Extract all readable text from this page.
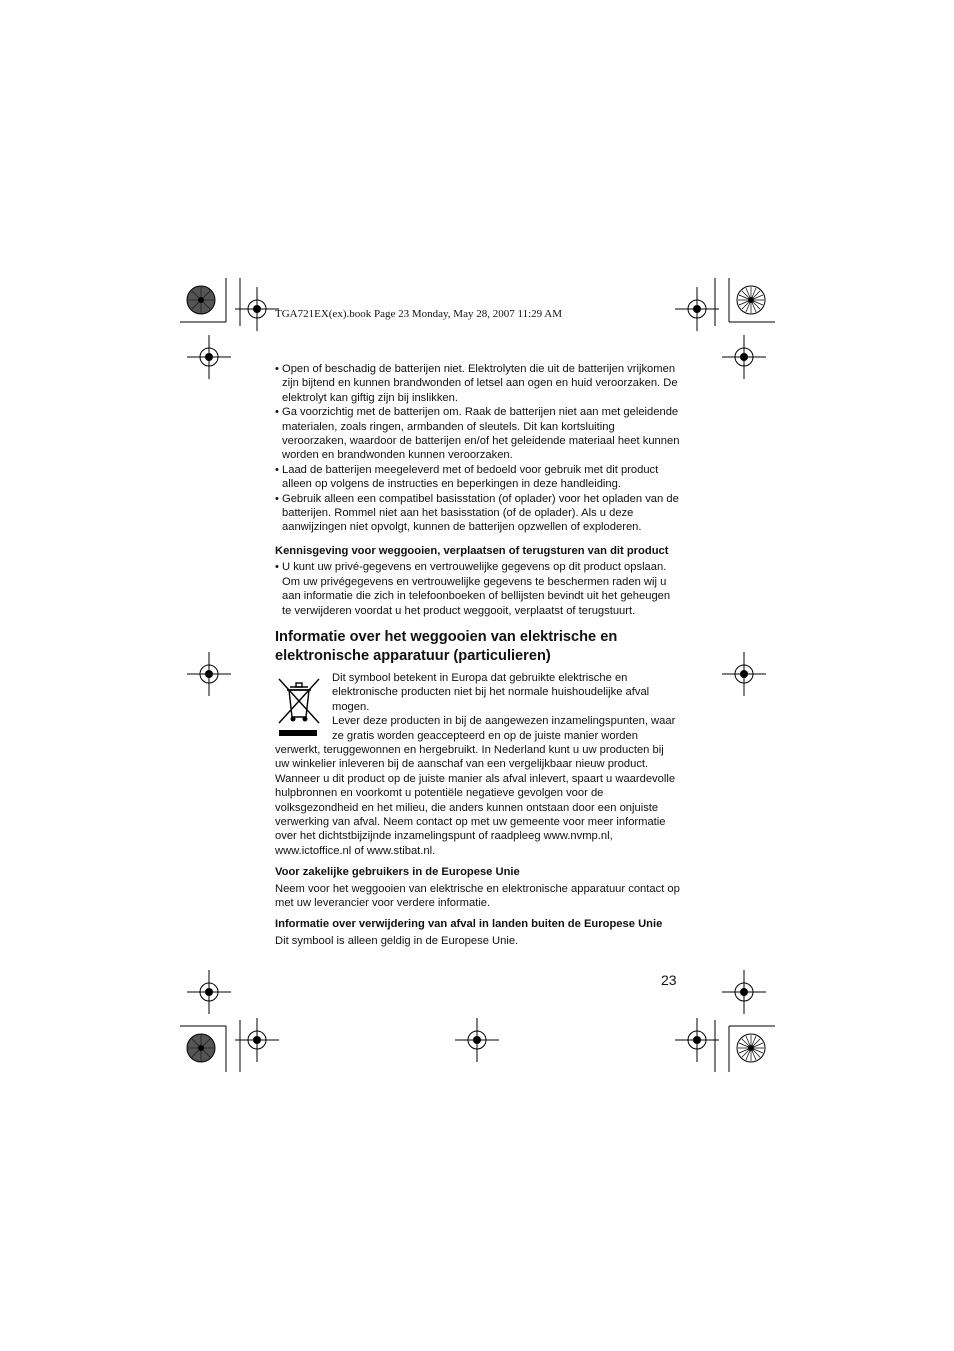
TGA721EX(ex).book Page 23 Monday, May 28, 2007 11:29 AM
• Open of beschadig de batterijen niet. Elektrolyten die uit de batterijen vrijkomen zijn bijtend en kunnen brandwonden of letsel aan ogen en huid veroorzaken. De elektrolyt kan giftig zijn bij inslikken.
• Ga voorzichtig met de batterijen om. Raak de batterijen niet aan met geleidende materialen, zoals ringen, armbanden of sleutels. Dit kan kortsluiting veroorzaken, waardoor de batterijen en/of het geleidende materiaal heet kunnen worden en brandwonden kunnen veroorzaken.
• Laad de batterijen meegeleverd met of bedoeld voor gebruik met dit product alleen op volgens de instructies en beperkingen in deze handleiding.
• Gebruik alleen een compatibel basisstation (of oplader) voor het opladen van de batterijen. Rommel niet aan het basisstation (of de oplader). Als u deze aanwijzingen niet opvolgt, kunnen de batterijen opzwellen of exploderen.
Kennisgeving voor weggooien, verplaatsen of terugsturen van dit product
• U kunt uw privé-gegevens en vertrouwelijke gegevens op dit product opslaan. Om uw privégegevens en vertrouwelijke gegevens te beschermen raden wij u aan informatie die zich in telefoonboeken of bellijsten bevindt uit het geheugen te verwijderen voordat u het product weggooit, verplaatst of terugstuurt.
Informatie over het weggooien van elektrische en elektronische apparatuur (particulieren)

Dit symbool betekent in Europa dat gebruikte elektrische en elektronische producten niet bij het normale huishoudelijke afval mogen.

Lever deze producten in bij de aangewezen inzamelingspunten, waar ze gratis worden geaccepteerd en op de juiste manier worden verwerkt, teruggewonnen en hergebruikt. In Nederland kunt u uw producten bij uw winkelier inleveren bij de aanschaf van een vergelijkbaar nieuw product. Wanneer u dit product op de juiste manier als afval inlevert, spaart u waardevolle hulpbronnen en voorkomt u potentiële negatieve gevolgen voor de volksgezondheid en het milieu, die anders kunnen ontstaan door een onjuiste verwerking van afval. Neem contact op met uw gemeente voor meer informatie over het dichtstbijzijnde inzamelingspunt of raadpleeg www.nvmp.nl, www.ictoffice.nl of www.stibat.nl.

Voor zakelijke gebruikers in de Europese Unie

Neem voor het weggooien van elektrische en elektronische apparatuur contact op met uw leverancier voor verdere informatie.

Informatie over verwijdering van afval in landen buiten de Europese Unie

Dit symbool is alleen geldig in de Europese Unie.

23
